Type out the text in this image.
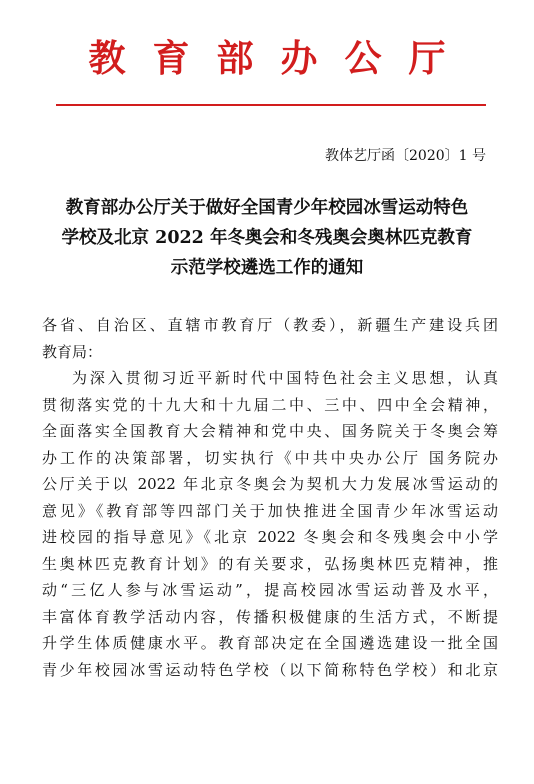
教育部办公厅
教体艺厅函〔2020〕1 号
教育部办公厅关于做好全国青少年校园冰雪运动特色
学校及北京 2022 年冬奥会和冬残奥会奥林匹克教育
示范学校遴选工作的通知
各省、自治区、直辖市教育厅（教委），新疆生产建设兵团
教育局：
为深入贯彻习近平新时代中国特色社会主义思想，认真
贯彻落实党的十九大和十九届二中、三中、四中全会精神，
全面落实全国教育大会精神和党中央、国务院关于冬奥会筹
办工作的决策部署，切实执行《中共中央办公厅 国务院办
公厅关于以 2022 年北京冬奥会为契机大力发展冰雪运动的
意见》《教育部等四部门关于加快推进全国青少年冰雪运动
进校园的指导意见》《北京 2022 冬奥会和冬残奥会中小学
生奥林匹克教育计划》的有关要求，弘扬奥林匹克精神，推
动“三亿人参与冰雪运动”，提高校园冰雪运动普及水平，
丰富体育教学活动内容，传播积极健康的生活方式，不断提
升学生体质健康水平。教育部决定在全国遴选建设一批全国
青少年校园冰雪运动特色学校（以下简称特色学校）和北京
